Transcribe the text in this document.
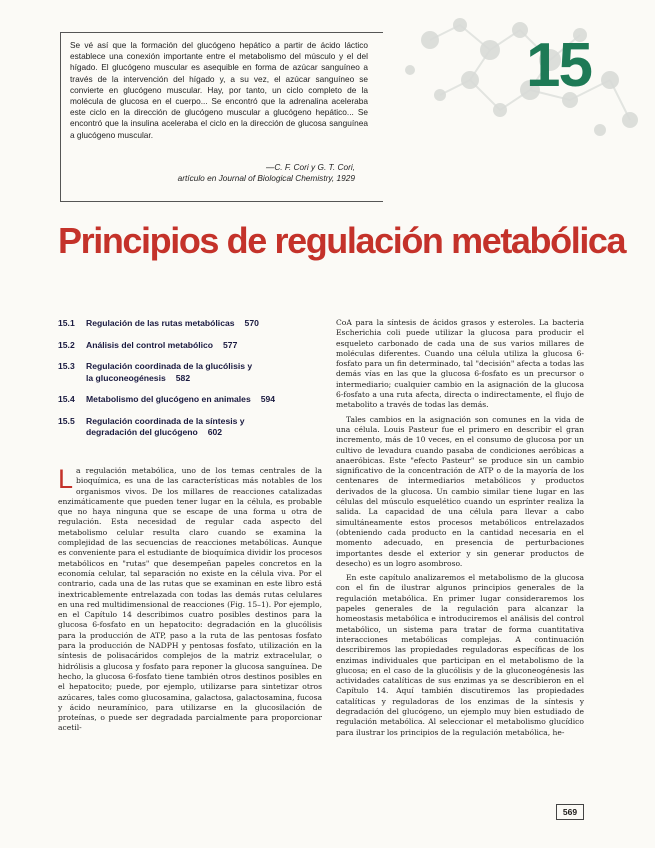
15

Se vé así que la formación del glucógeno hepático a partir de ácido láctico establece una conexión importante entre el metabolismo del músculo y el del hígado. El glucógeno muscular es asequible en forma de azúcar sanguíneo a través de la intervención del hígado y, a su vez, el azúcar sanguíneo se convierte en glucógeno muscular. Hay, por tanto, un ciclo completo de la molécula de glucosa en el cuerpo... Se encontró que la adrenalina aceleraba este ciclo en la dirección de glucógeno muscular a glucógeno hepático... Se encontró que la insulina aceleraba el ciclo en la dirección de glucosa sanguínea a glucógeno muscular.

—C. F. Cori y G. T. Cori,
artículo en Journal of Biological Chemistry, 1929
Principios de regulación metabólica
15.1	Regulación de las rutas metabólicas 570
15.2	Análisis del control metabólico 577
15.3	Regulación coordinada de la glucólisis y la gluconeogénesis 582
15.4	Metabolismo del glucógeno en animales 594
15.5	Regulación coordinada de la síntesis y degradación del glucógeno 602

La regulación metabólica, uno de los temas centrales de la bioquímica, es una de las características más notables de los organismos vivos. De los millares de reacciones catalizadas enzimáticamente que pueden tener lugar en la célula, es probable que no haya ninguna que se escape de una forma u otra de regulación. Esta necesidad de regular cada aspecto del metabolismo celular resulta claro cuando se examina la complejidad de las secuencias de reacciones metabólicas. Aunque es conveniente para el estudiante de bioquímica dividir los procesos metabólicos en "rutas" que desempeñan papeles concretos en la economía celular, tal separación no existe en la célula viva. Por el contrario, cada una de las rutas que se examinan en este libro está inextricablemente entrelazada con todas las demás rutas celulares en una red multidimensional de reacciones (Fig. 15–1). Por ejemplo, en el Capítulo 14 describimos cuatro posibles destinos para la glucosa 6-fosfato en un hepatocito: degradación en la glucólisis para la producción de ATP, paso a la ruta de las pentosas fosfato para la producción de NADPH y pentosas fosfato, utilización en la síntesis de polisacáridos complejos de la matriz extracelular, o hidrólisis a glucosa y fosfato para reponer la glucosa sanguínea. De hecho, la glucosa 6-fosfato tiene también otros destinos posibles en el hepatocito; puede, por ejemplo, utilizarse para sintetizar otros azúcares, tales como glucosamina, galactosa, galactosamina, fucosa y ácido neuramínico, para utilizarse en la glucosilación de proteínas, o puede ser degradada parcialmente para proporcionar acetil-

CoA para la síntesis de ácidos grasos y esteroles. La bacteria Escherichia coli puede utilizar la glucosa para producir el esqueleto carbonado de cada una de sus varios millares de moléculas diferentes. Cuando una célula utiliza la glucosa 6-fosfato para un fin determinado, tal "decisión" afecta a todas las demás vías en las que la glucosa 6-fosfato es un precursor o intermediario; cualquier cambio en la asignación de la glucosa 6-fosfato a una ruta afecta, directa o indirectamente, el flujo de metabolito a través de todas las demás.

Tales cambios en la asignación son comunes en la vida de una célula. Louis Pasteur fue el primero en describir el gran incremento, más de 10 veces, en el consumo de glucosa por un cultivo de levadura cuando pasaba de condiciones aeróbicas a anaeróbicas. Este "efecto Pasteur" se produce sin un cambio significativo de la concentración de ATP o de la mayoría de los centenares de intermediarios metabólicos y productos derivados de la glucosa. Un cambio similar tiene lugar en las células del músculo esquelético cuando un esprínter realiza la salida. La capacidad de una célula para llevar a cabo simultáneamente estos procesos metabólicos entrelazados (obteniendo cada producto en la cantidad necesaria en el momento adecuado, en presencia de perturbaciones importantes desde el exterior y sin generar productos de desecho) es un logro asombroso.

En este capítulo analizaremos el metabolismo de la glucosa con el fin de ilustrar algunos principios generales de la regulación metabólica. En primer lugar consideraremos los papeles generales de la regulación para alcanzar la homeostasis metabólica e introduciremos el análisis del control metabólico, un sistema para tratar de forma cuantitativa interacciones metabólicas complejas. A continuación describiremos las propiedades reguladoras específicas de los enzimas individuales que participan en el metabolismo de la glucosa; en el caso de la glucólisis y de la gluconeogénesis las actividades catalíticas de sus enzimas ya se describieron en el Capítulo 14. Aquí también discutiremos las propiedades catalíticas y reguladoras de los enzimas de la síntesis y degradación del glucógeno, un ejemplo muy bien estudiado de regulación metabólica. Al seleccionar el metabolismo glucídico para ilustrar los principios de la regulación metabólica, he-

569
